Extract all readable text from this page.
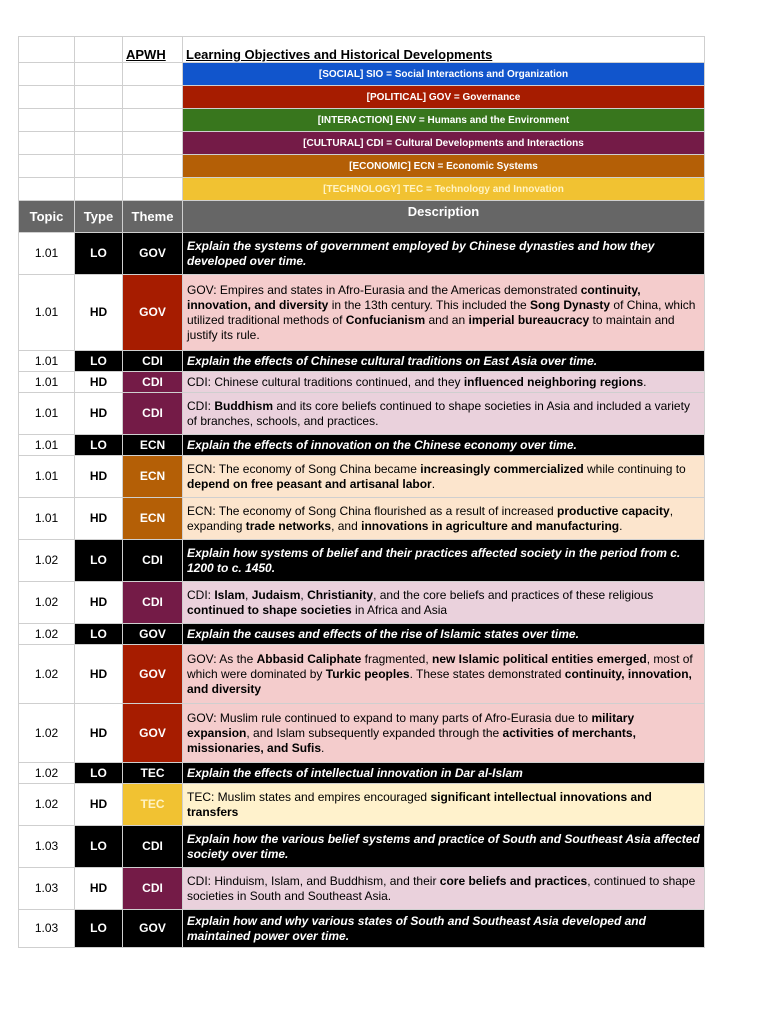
		APWH	Learning Objectives and Historical Developments
			[SOCIAL] SIO = Social Interactions and Organization
			[POLITICAL] GOV = Governance
			[INTERACTION] ENV = Humans and the Environment
			[CULTURAL] CDI = Cultural Developments and Interactions
			[ECONOMIC] ECN = Economic Systems
			[TECHNOLOGY] TEC = Technology and Innovation
Topic	Type	Theme	Description
1.01	LO	GOV	Explain the systems of government employed by Chinese dynasties and how they developed over time.
1.01	HD	GOV	GOV: Empires and states in Afro-Eurasia and the Americas demonstrated continuity, innovation, and diversity in the 13th century. This included the Song Dynasty of China, which utilized traditional methods of Confucianism and an imperial bureaucracy to maintain and justify its rule.
1.01	LO	CDI	Explain the effects of Chinese cultural traditions on East Asia over time.
1.01	HD	CDI	CDI: Chinese cultural traditions continued, and they influenced neighboring regions.
1.01	HD	CDI	CDI: Buddhism and its core beliefs continued to shape societies in Asia and included a variety of branches, schools, and practices.
1.01	LO	ECN	Explain the effects of innovation on the Chinese economy over time.
1.01	HD	ECN	ECN: The economy of Song China became increasingly commercialized while continuing to depend on free peasant and artisanal labor.
1.01	HD	ECN	ECN: The economy of Song China flourished as a result of increased productive capacity, expanding trade networks, and innovations in agriculture and manufacturing.
1.02	LO	CDI	Explain how systems of belief and their practices affected society in the period from c. 1200 to c. 1450.
1.02	HD	CDI	CDI: Islam, Judaism, Christianity, and the core beliefs and practices of these religious continued to shape societies in Africa and Asia
1.02	LO	GOV	Explain the causes and effects of the rise of Islamic states over time.
1.02	HD	GOV	GOV: As the Abbasid Caliphate fragmented, new Islamic political entities emerged, most of which were dominated by Turkic peoples. These states demonstrated continuity, innovation, and diversity
1.02	HD	GOV	GOV: Muslim rule continued to expand to many parts of Afro-Eurasia due to military expansion, and Islam subsequently expanded through the activities of merchants, missionaries, and Sufis.
1.02	LO	TEC	Explain the effects of intellectual innovation in Dar al-Islam
1.02	HD	TEC	TEC: Muslim states and empires encouraged significant intellectual innovations and transfers
1.03	LO	CDI	Explain how the various belief systems and practice of South and Southeast Asia affected society over time.
1.03	HD	CDI	CDI: Hinduism, Islam, and Buddhism, and their core beliefs and practices, continued to shape societies in South and Southeast Asia.
1.03	LO	GOV	Explain how and why various states of South and Southeast Asia developed and maintained power over time.
